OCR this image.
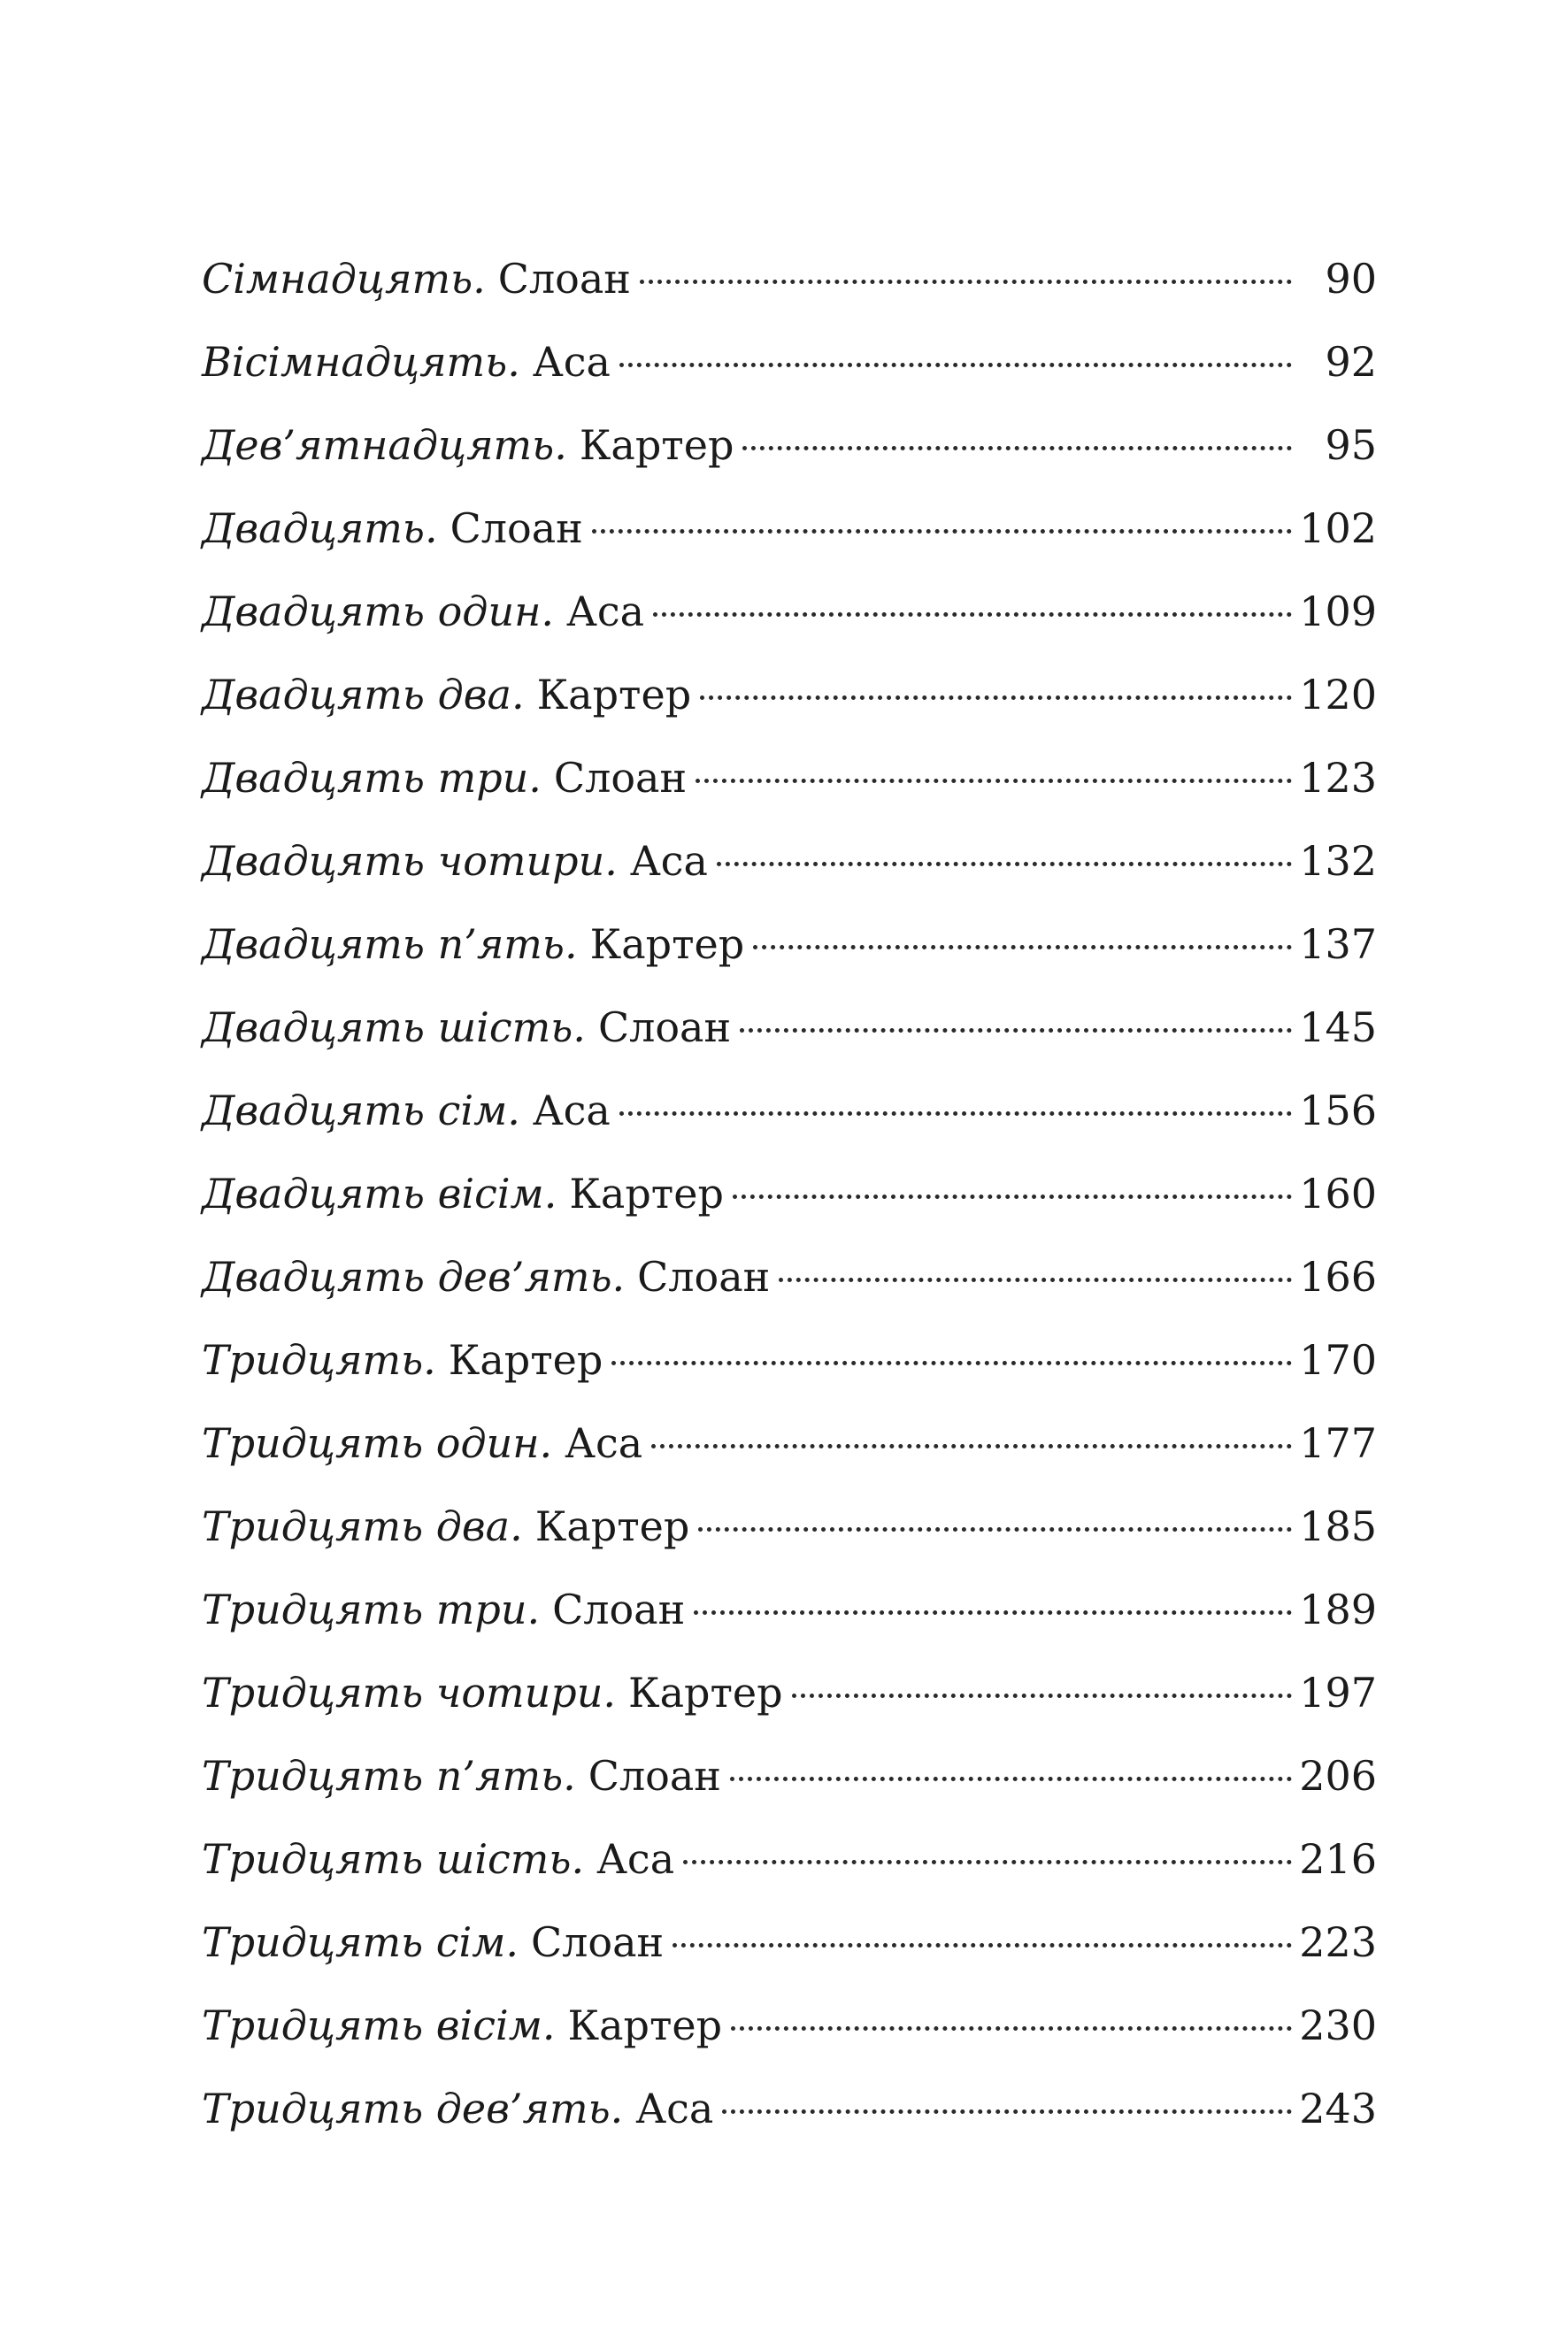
Сімнадцять. Слоан	90
Вісімнадцять. Аса	92
Дев’ятнадцять. Картер	95
Двадцять. Слоан	102
Двадцять один. Аса	109
Двадцять два. Картер	120
Двадцять три. Слоан	123
Двадцять чотири. Аса	132
Двадцять п’ять. Картер	137
Двадцять шість. Слоан	145
Двадцять сім. Аса	156
Двадцять вісім. Картер	160
Двадцять дев’ять. Слоан	166
Тридцять. Картер	170
Тридцять один. Аса	177
Тридцять два. Картер	185
Тридцять три. Слоан	189
Тридцять чотири. Картер	197
Тридцять п’ять. Слоан	206
Тридцять шість. Аса	216
Тридцять сім. Слоан	223
Тридцять вісім. Картер	230
Тридцять дев’ять. Аса	243
